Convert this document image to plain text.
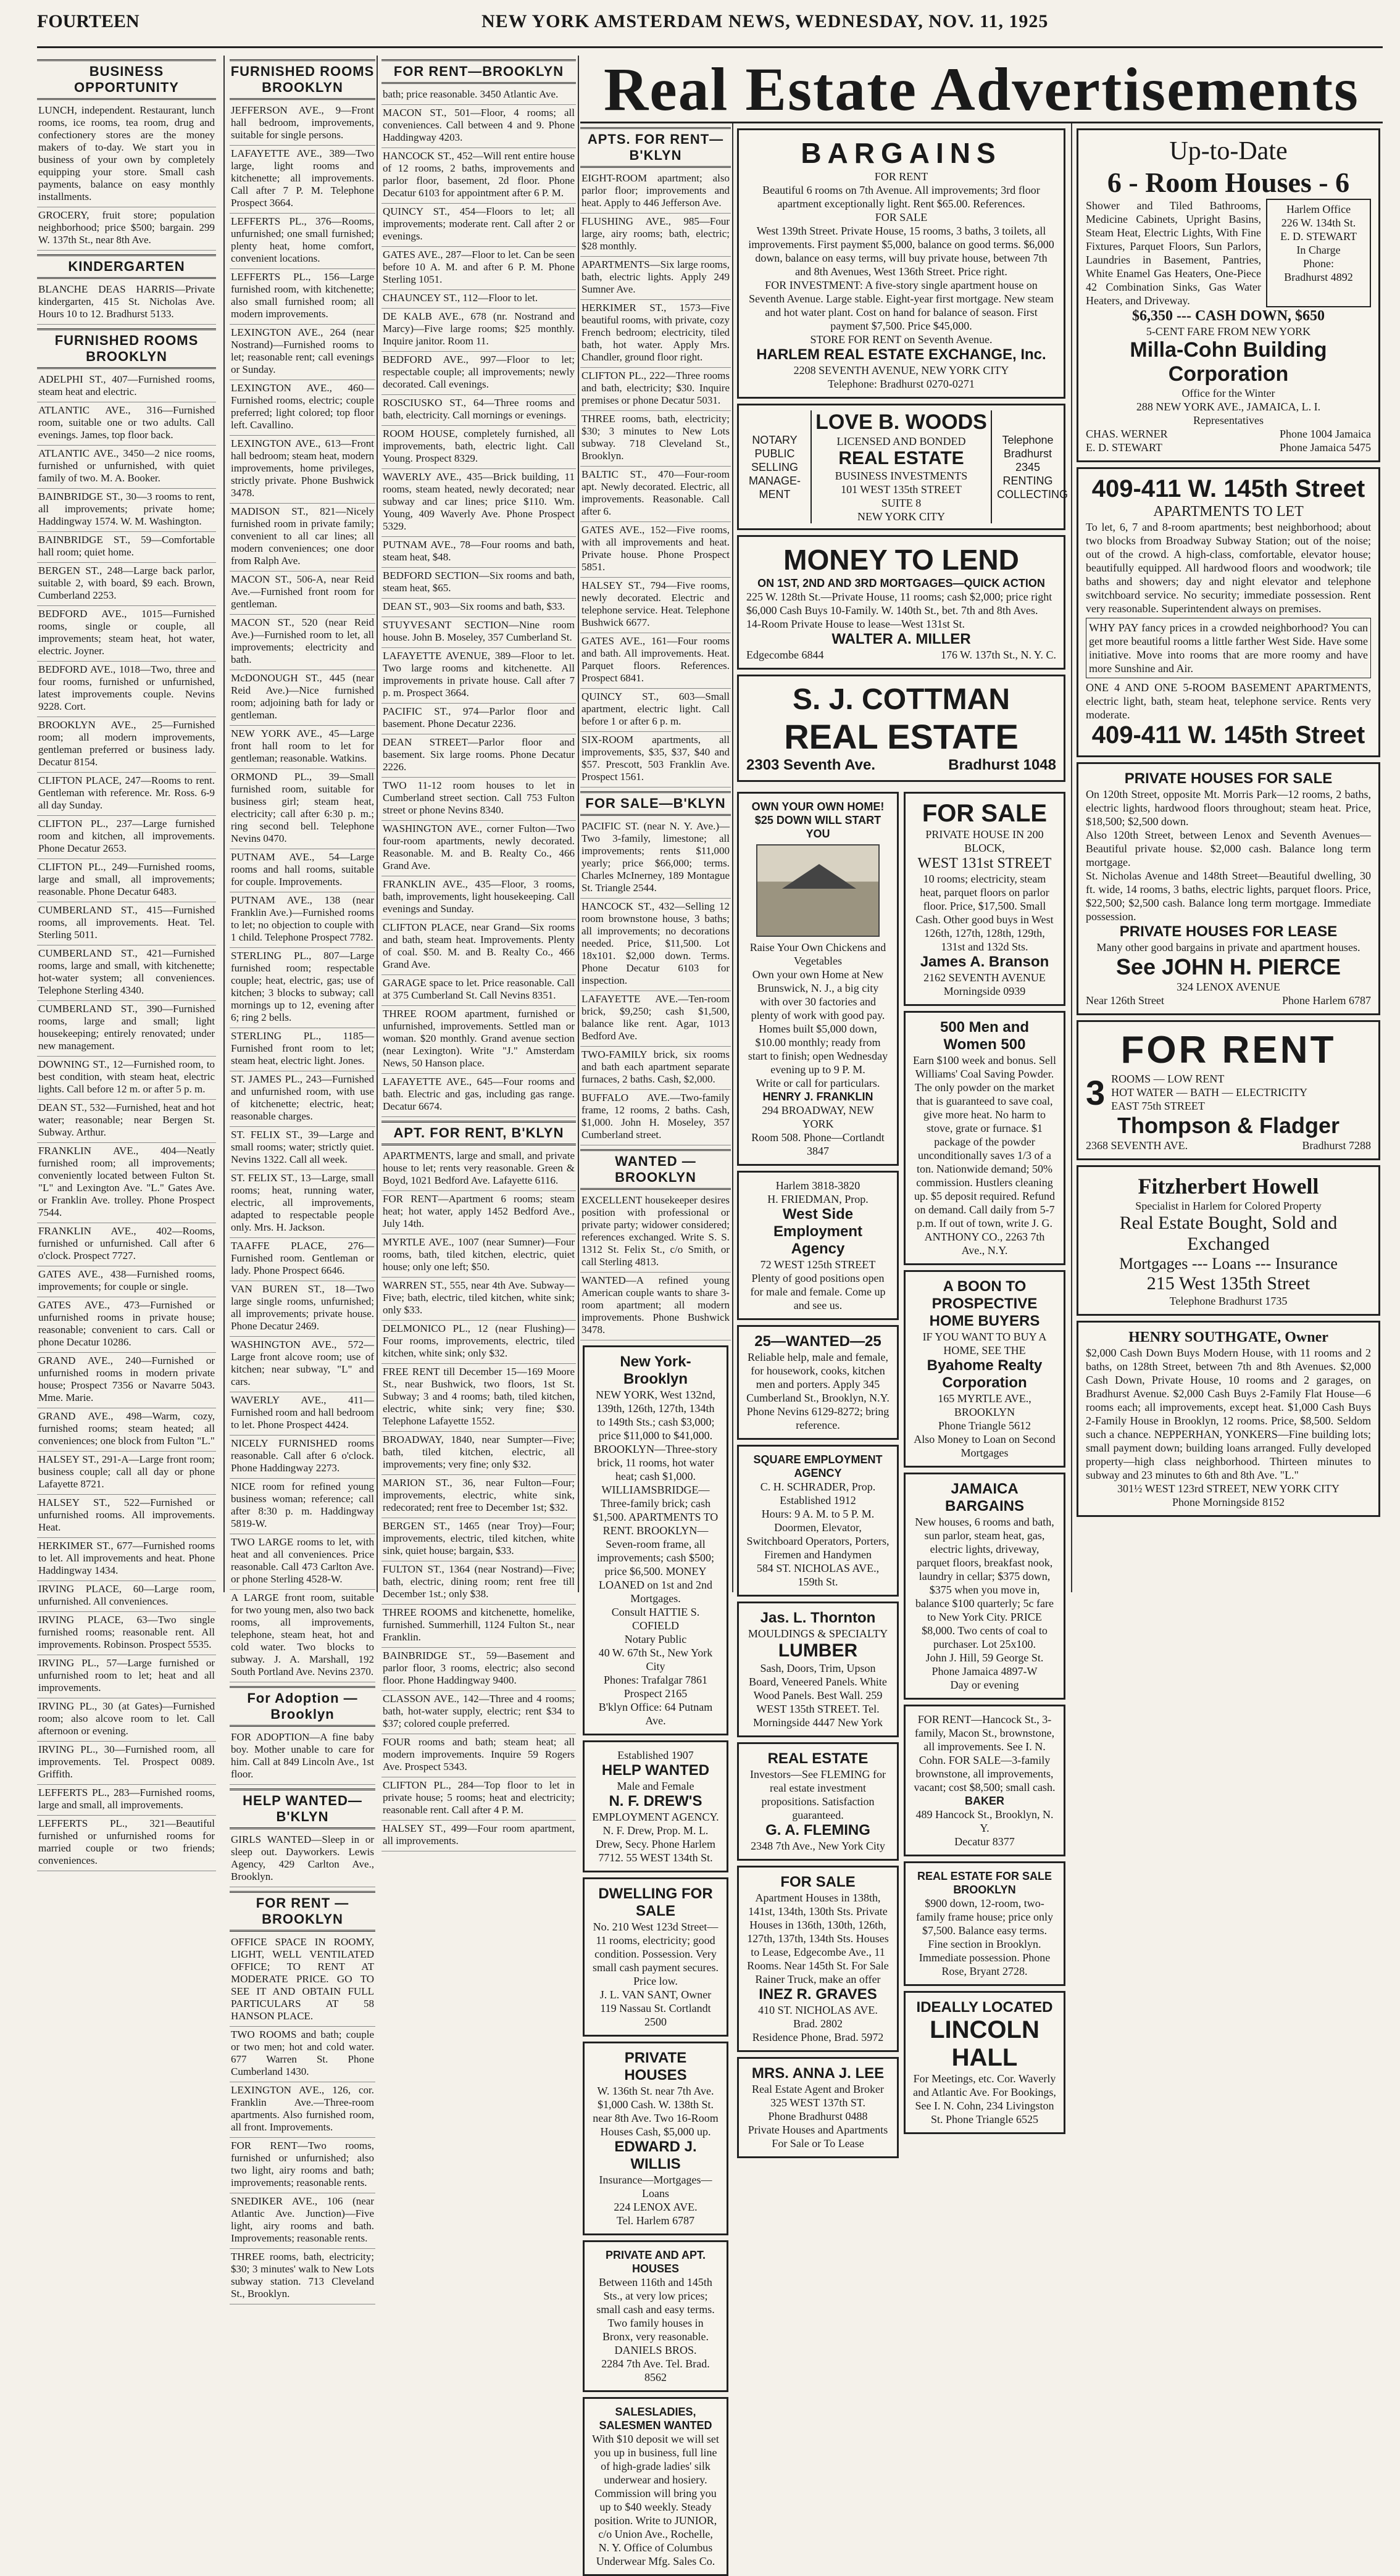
FOURTEEN	NEW YORK AMSTERDAM NEWS, WEDNESDAY, NOV. 11, 1925
Real Estate Advertisements
BUSINESS OPPORTUNITY
LUNCH, independent. Restaurant, lunch rooms, ice rooms, tea room, drug and confectionery stores are the money makers of to-day. We start you in business of your own by completely equipping your store. Small cash payments, balance on easy monthly installments.
GROCERY, fruit store; population neighborhood; price $500; bargain. 299 W. 137th St., near 8th Ave.
KINDERGARTEN
BLANCHE DEAS HARRIS—Private kindergarten, 415 St. Nicholas Ave. Hours 10 to 12. Bradhurst 5133.
FURNISHED ROOMS BROOKLYN
ADELPHI ST., 407—Furnished rooms, steam heat and electric.
ATLANTIC AVE., 316—Furnished room, suitable one or two adults. Call evenings. James, top floor back.
ATLANTIC AVE., 3450—2 nice rooms, furnished or unfurnished, with quiet family of two. M. A. Booker.
BAINBRIDGE ST., 30—3 rooms to rent, all improvements; private home; Haddingway 1574. W. M. Washington.
BAINBRIDGE ST., 59—Comfortable hall room; quiet home.
BERGEN ST., 248—Large back parlor, suitable 2, with board, $9 each. Brown, Cumberland 2253.
BEDFORD AVE., 1015—Furnished rooms, single or couple, all improvements; steam heat, hot water, electric. Joyner.
BEDFORD AVE., 1018—Two, three and four rooms, furnished or unfurnished, latest improvements couple. Nevins 9228. Cort.
BROOKLYN AVE., 25—Furnished room; all modern improvements, gentleman preferred or business lady. Decatur 8154.
CLIFTON PLACE, 247—Rooms to rent. Gentleman with reference. Mr. Ross. 6-9 all day Sunday.
CLIFTON PL., 237—Large furnished room and kitchen, all improvements. Phone Decatur 2653.
CLIFTON PL., 249—Furnished rooms, large and small, all improvements; reasonable. Phone Decatur 6483.
CUMBERLAND ST., 415—Furnished rooms, all improvements. Heat. Tel. Sterling 5011.
CUMBERLAND ST., 421—Furnished rooms, large and small, with kitchenette; hot-water system; all conveniences. Telephone Sterling 4340.
CUMBERLAND ST., 390—Furnished rooms, large and small; light housekeeping; entirely renovated; under new management.
DOWNING ST., 12—Furnished room, to best condition, with steam heat, electric lights. Call before 12 m. or after 5 p. m.
DEAN ST., 532—Furnished, heat and hot water; reasonable; near Bergen St. Subway. Arthur.
FRANKLIN AVE., 404—Neatly furnished room; all improvements; conveniently located between Fulton St. "L" and Lexington Ave. "L." Gates Ave. or Franklin Ave. trolley. Phone Prospect 7544.
FRANKLIN AVE., 402—Rooms, furnished or unfurnished. Call after 6 o'clock. Prospect 7727.
GATES AVE., 438—Furnished rooms, improvements; for couple or single.
GATES AVE., 473—Furnished or unfurnished rooms in private house; reasonable; convenient to cars. Call or phone Decatur 10286.
GRAND AVE., 240—Furnished or unfurnished rooms in modern private house; Prospect 7356 or Navarre 5043. Mme. Marie.
GRAND AVE., 498—Warm, cozy, furnished rooms; steam heated; all conveniences; one block from Fulton "L."
HALSEY ST., 291-A—Large front room; business couple; call all day or phone Lafayette 8721.
HALSEY ST., 522—Furnished or unfurnished rooms. All improvements. Heat.
HERKIMER ST., 677—Furnished rooms to let. All improvements and heat. Phone Haddingway 1434.
IRVING PLACE, 60—Large room, unfurnished. All conveniences.
IRVING PLACE, 63—Two single furnished rooms; reasonable rent. All improvements. Robinson. Prospect 5535.
IRVING PL., 57—Large furnished or unfurnished room to let; heat and all improvements.
IRVING PL., 30 (at Gates)—Furnished room; also alcove room to let. Call afternoon or evening.
IRVING PL., 30—Furnished room, all improvements. Tel. Prospect 0089. Griffith.
LEFFERTS PL., 283—Furnished rooms, large and small, all improvements.
LEFFERTS PL., 321—Beautiful furnished or unfurnished rooms for married couple or two friends; conveniences.
FURNISHED ROOMS BROOKLYN
JEFFERSON AVE., 9—Front hall bedroom, improvements, suitable for single persons.
LAFAYETTE AVE., 389—Two large, light rooms and kitchenette; all improvements. Call after 7 P. M. Telephone Prospect 3664.
LEFFERTS PL., 376—Rooms, unfurnished; one small furnished; plenty heat, home comfort, convenient locations.
LEFFERTS PL., 156—Large furnished room, with kitchenette; also small furnished room; all modern improvements.
LEXINGTON AVE., 264 (near Nostrand)—Furnished rooms to let; reasonable rent; call evenings or Sunday.
LEXINGTON AVE., 460—Furnished rooms, electric; couple preferred; light colored; top floor left. Cavallino.
LEXINGTON AVE., 613—Front hall bedroom; steam heat, modern improvements, home privileges, strictly private. Phone Bushwick 3478.
MADISON ST., 821—Nicely furnished room in private family; convenient to all car lines; all modern conveniences; one door from Ralph Ave.
MACON ST., 506-A, near Reid Ave.—Furnished front room for gentleman.
MACON ST., 520 (near Reid Ave.)—Furnished room to let, all improvements; electricity and bath.
McDONOUGH ST., 445 (near Reid Ave.)—Nice furnished room; adjoining bath for lady or gentleman.
NEW YORK AVE., 45—Large front hall room to let for gentleman; reasonable. Watkins.
ORMOND PL., 39—Small furnished room, suitable for business girl; steam heat, electricity; call after 6:30 p. m.; ring second bell. Telephone Nevins 0470.
PUTNAM AVE., 54—Large rooms and hall rooms, suitable for couple. Improvements.
PUTNAM AVE., 138 (near Franklin Ave.)—Furnished rooms to let; no objection to couple with 1 child. Telephone Prospect 7782.
STERLING PL., 807—Large furnished room; respectable couple; heat, electric, gas; use of kitchen; 3 blocks to subway; call mornings up to 12, evening after 6; ring 2 bells.
STERLING PL., 1185—Furnished front room to let; steam heat, electric light. Jones.
ST. JAMES PL., 243—Furnished and unfurnished room, with use of kitchenette; electric, heat; reasonable charges.
ST. FELIX ST., 39—Large and small rooms; water; strictly quiet. Nevins 1322. Call all week.
ST. FELIX ST., 13—Large, small rooms; heat, running water, electric, all improvements, adapted to respectable people only. Mrs. H. Jackson.
TAAFFE PLACE, 276—Furnished room. Gentleman or lady. Phone Prospect 6646.
VAN BUREN ST., 18—Two large single rooms, unfurnished; all improvements; private house. Phone Decatur 2469.
WASHINGTON AVE., 572—Large front alcove room; use of kitchen; near subway, "L" and cars.
WAVERLY AVE., 411—Furnished room and hall bedroom to let. Phone Prospect 4424.
NICELY FURNISHED rooms reasonable. Call after 6 o'clock. Phone Haddingway 2273.
NICE room for refined young business woman; reference; call after 8:30 p. m. Haddingway 5819-W.
TWO LARGE rooms to let, with heat and all conveniences. Price reasonable. Call 473 Carlton Ave. or phone Sterling 4528-W.
A LARGE front room, suitable for two young men, also two back rooms, all improvements, telephone, steam heat, hot and cold water. Two blocks to subway. J. A. Marshall, 192 South Portland Ave. Nevins 2370.
For Adoption — Brooklyn
FOR ADOPTION—A fine baby boy. Mother unable to care for him. Call at 849 Lincoln Ave., 1st floor.
HELP WANTED—B'KLYN
GIRLS WANTED—Sleep in or sleep out. Dayworkers. Lewis Agency, 429 Carlton Ave., Brooklyn.
FOR RENT — BROOKLYN
OFFICE SPACE IN ROOMY, LIGHT, WELL VENTILATED OFFICE; TO RENT AT MODERATE PRICE. GO TO SEE IT AND OBTAIN FULL PARTICULARS AT 58 HANSON PLACE.
TWO ROOMS and bath; couple or two men; hot and cold water. 677 Warren St. Phone Cumberland 1430.
LEXINGTON AVE., 126, cor. Franklin Ave.—Three-room apartments. Also furnished room, all front. Improvements.
FOR RENT—Two rooms, furnished or unfurnished; also two light, airy rooms and bath; improvements; reasonable rents.
SNEDIKER AVE., 106 (near Atlantic Ave. Junction)—Five light, airy rooms and bath. Improvements; reasonable rents.
THREE rooms, bath, electricity; $30; 3 minutes' walk to New Lots subway station. 713 Cleveland St., Brooklyn.
FOR RENT—BROOKLYN
bath; price reasonable. 3450 Atlantic Ave.
MACON ST., 501—Floor, 4 rooms; all conveniences. Call between 4 and 9. Phone Haddingway 4203.
HANCOCK ST., 452—Will rent entire house of 12 rooms, 2 baths, improvements and parlor floor, basement, 2d floor. Phone Decatur 6103 for appointment after 6 P. M.
QUINCY ST., 454—Floors to let; all improvements; moderate rent. Call after 2 or evenings.
GATES AVE., 287—Floor to let. Can be seen before 10 A. M. and after 6 P. M. Phone Sterling 1051.
CHAUNCEY ST., 112—Floor to let.
DE KALB AVE., 678 (nr. Nostrand and Marcy)—Five large rooms; $25 monthly. Inquire janitor. Room 11.
BEDFORD AVE., 997—Floor to let; respectable couple; all improvements; newly decorated. Call evenings.
ROSCIUSKO ST., 64—Three rooms and bath, electricity. Call mornings or evenings.
ROOM HOUSE, completely furnished, all improvements, bath, electric light. Call Young. Prospect 8329.
WAVERLY AVE., 435—Brick building, 11 rooms, steam heated, newly decorated; near subway and car lines; price $110. Wm. Young, 409 Waverly Ave. Phone Prospect 5329.
PUTNAM AVE., 78—Four rooms and bath, steam heat, $48.
BEDFORD SECTION—Six rooms and bath, steam heat, $65.
DEAN ST., 903—Six rooms and bath, $33.
STUYVESANT SECTION—Nine room house. John B. Moseley, 357 Cumberland St.
LAFAYETTE AVENUE, 389—Floor to let. Two large rooms and kitchenette. All improvements in private house. Call after 7 p. m. Prospect 3664.
PACIFIC ST., 974—Parlor floor and basement. Phone Decatur 2236.
DEAN STREET—Parlor floor and basement. Six large rooms. Phone Decatur 2226.
TWO 11-12 room houses to let in Cumberland street section. Call 753 Fulton street or phone Nevins 8340.
WASHINGTON AVE., corner Fulton—Two four-room apartments, newly decorated. Reasonable. M. and B. Realty Co., 466 Grand Ave.
FRANKLIN AVE., 435—Floor, 3 rooms, bath, improvements, light housekeeping. Call evenings and Sunday.
CLIFTON PLACE, near Grand—Six rooms and bath, steam heat. Improvements. Plenty of coal. $50. M. and B. Realty Co., 466 Grand Ave.
GARAGE space to let. Price reasonable. Call at 375 Cumberland St. Call Nevins 8351.
THREE ROOM apartment, furnished or unfurnished, improvements. Settled man or woman. $20 monthly. Grand avenue section (near Lexington). Write "J." Amsterdam News, 50 Hanson place.
LAFAYETTE AVE., 645—Four rooms and bath. Electric and gas, including gas range. Decatur 6674.
APT. FOR RENT, B'KLYN
APARTMENTS, large and small, and private house to let; rents very reasonable. Green & Boyd, 1021 Bedford Ave. Lafayette 6116.
FOR RENT—Apartment 6 rooms; steam heat; hot water, apply 1452 Bedford Ave., July 14th.
MYRTLE AVE., 1007 (near Sumner)—Four rooms, bath, tiled kitchen, electric, quiet house; only one left; $50.
WARREN ST., 555, near 4th Ave. Subway—Five; bath, electric, tiled kitchen, white sink; only $33.
DELMONICO PL., 12 (near Flushing)—Four rooms, improvements, electric, tiled kitchen, white sink; only $32.
FREE RENT till December 15—169 Moore St., near Bushwick, two floors, 1st St. Subway; 3 and 4 rooms; bath, tiled kitchen, electric, white sink; very fine; $30. Telephone Lafayette 1552.
BROADWAY, 1840, near Sumpter—Five; bath, tiled kitchen, electric, all improvements; very fine; only $32.
MARION ST., 36, near Fulton—Four; improvements, electric, white sink, redecorated; rent free to December 1st; $32.
BERGEN ST., 1465 (near Troy)—Four; improvements, electric, tiled kitchen, white sink, quiet house; bargain, $33.
FULTON ST., 1364 (near Nostrand)—Five; bath, electric, dining room; rent free till December 1st.; only $38.
THREE ROOMS and kitchenette, homelike, furnished. Summerhill, 1124 Fulton St., near Franklin.
BAINBRIDGE ST., 59—Basement and parlor floor, 3 rooms, electric; also second floor. Phone Haddingway 9400.
CLASSON AVE., 142—Three and 4 rooms; bath, hot-water supply, electric; rent $34 to $37; colored couple preferred.
FOUR rooms and bath; steam heat; all modern improvements. Inquire 59 Rogers Ave. Prospect 5343.
CLIFTON PL., 284—Top floor to let in private house; 5 rooms; heat and electricity; reasonable rent. Call after 4 P. M.
HALSEY ST., 499—Four room apartment, all improvements.
APTS. FOR RENT—B'KLYN
EIGHT-ROOM apartment; also parlor floor; improvements and heat. Apply to 446 Jefferson Ave.
FLUSHING AVE., 985—Four large, airy rooms; bath, electric; $28 monthly.
APARTMENTS—Six large rooms, bath, electric lights. Apply 249 Sumner Ave.
HERKIMER ST., 1573—Five beautiful rooms, with private, cozy French bedroom; electricity, tiled bath, hot water. Apply Mrs. Chandler, ground floor right.
CLIFTON PL., 222—Three rooms and bath, electricity; $30. Inquire premises or phone Decatur 5031.
THREE rooms, bath, electricity; $30; 3 minutes to New Lots subway. 718 Cleveland St., Brooklyn.
BALTIC ST., 470—Four-room apt. Newly decorated. Electric, all improvements. Reasonable. Call after 6.
GATES AVE., 152—Five rooms, with all improvements and heat. Private house. Phone Prospect 5851.
HALSEY ST., 794—Five rooms, newly decorated. Electric and telephone service. Heat. Telephone Bushwick 6677.
GATES AVE., 161—Four rooms and bath. All improvements. Heat. Parquet floors. References. Prospect 6841.
QUINCY ST., 603—Small apartment, electric light. Call before 1 or after 6 p. m.
SIX-ROOM apartments, all improvements, $35, $37, $40 and $57. Prescott, 503 Franklin Ave. Prospect 1561.
FOR SALE—B'KLYN
PACIFIC ST. (near N. Y. Ave.)—Two 3-family, limestone; all improvements; rents $11,000 yearly; price $66,000; terms. Charles McInerney, 189 Montague St. Triangle 2544.
HANCOCK ST., 432—Selling 12 room brownstone house, 3 baths; all improvements; no decorations needed. Price, $11,500. Lot 18x101. $2,000 down. Terms. Phone Decatur 6103 for inspection.
LAFAYETTE AVE.—Ten-room brick, $9,250; cash $1,500, balance like rent. Agar, 1013 Bedford Ave.
TWO-FAMILY brick, six rooms and bath each apartment separate furnaces, 2 baths. Cash, $2,000.
BUFFALO AVE.—Two-family frame, 12 rooms, 2 baths. Cash, $1,000. John H. Moseley, 357 Cumberland street.
WANTED — BROOKLYN
EXCELLENT housekeeper desires position with professional or private party; widower considered; references exchanged. Write S. S. 1312 St. Felix St., c/o Smith, or call Sterling 4813.
WANTED—A refined young American couple wants to share 3-room apartment; all modern improvements. Phone Bushwick 3478.
New York-Brooklyn
NEW YORK, West 132nd, 139th, 126th, 127th, 134th to 149th Sts.; cash $3,000; price $11,000 to $41,000. BROOKLYN—Three-story brick, 11 rooms, hot water heat; cash $1,000. WILLIAMSBRIDGE—Three-family brick; cash $1,500. APARTMENTS TO RENT. BROOKLYN—Seven-room frame, all improvements; cash $500; price $6,500. MONEY LOANED on 1st and 2nd Mortgages.
Consult HATTIE S. COFIELD
Notary Public
40 W. 67th St., New York City
Phones: Trafalgar 7861
Prospect 2165
B'klyn Office: 64 Putnam Ave.
Established 1907
HELP WANTED
Male and Female
N. F. DREW'S
EMPLOYMENT AGENCY. N. F. Drew, Prop. M. L. Drew, Secy. Phone Harlem 7712. 55 WEST 134th St.
DWELLING FOR SALE
No. 210 West 123d Street—11 rooms, electricity; good condition. Possession. Very small cash payment secures. Price low.
J. L. VAN SANT, Owner
119 Nassau St. Cortlandt 2500
PRIVATE HOUSES
W. 136th St. near 7th Ave. $1,000 Cash. W. 138th St. near 8th Ave. Two 16-Room Houses Cash, $5,000 up.
EDWARD J. WILLIS
Insurance—Mortgages—Loans
224 LENOX AVE.
Tel. Harlem 6787
PRIVATE AND APT. HOUSES
Between 116th and 145th Sts., at very low prices; small cash and easy terms. Two family houses in Bronx, very reasonable.
DANIELS BROS.
2284 7th Ave. Tel. Brad. 8562
SALESLADIES, SALESMEN WANTED
With $10 deposit we will set you up in business, full line of high-grade ladies' silk underwear and hosiery. Commission will bring you up to $40 weekly. Steady position. Write to JUNIOR, c/o Union Ave., Rochelle, N. Y. Office of Columbus Underwear Mfg. Sales Co.
BARGAINS
FOR RENT
Beautiful 6 rooms on 7th Avenue. All improvements; 3rd floor apartment exceptionally light. Rent $65.00. References.
FOR SALE
West 139th Street. Private House, 15 rooms, 3 baths, 3 toilets, all improvements. First payment $5,000, balance on good terms. $6,000 down, balance on easy terms, will buy private house, between 7th and 8th Avenues, West 136th Street. Price right.
FOR INVESTMENT: A five-story single apartment house on Seventh Avenue. Large stable. Eight-year first mortgage. New steam and hot water plant. Cost on hand for balance of season. First payment $7,500. Price $45,000.
STORE FOR RENT on Seventh Avenue.
HARLEM REAL ESTATE EXCHANGE, Inc.
2208 SEVENTH AVENUE, NEW YORK CITY
Telephone: Bradhurst 0270-0271
NOTARY
PUBLIC
SELLING
MANAGE-
MENT
LOVE B. WOODS
LICENSED AND BONDED
REAL ESTATE
BUSINESS INVESTMENTS
101 WEST 135th STREET
SUITE 8
NEW YORK CITY
Telephone
Bradhurst
2345
RENTING
COLLECTING
MONEY TO LEND
ON 1ST, 2ND AND 3RD MORTGAGES—QUICK ACTION
225 W. 128th St.—Private House, 11 rooms; cash $2,000; price right
$6,000 Cash Buys 10-Family. W. 140th St., bet. 7th and 8th Aves.
14-Room Private House to lease—West 131st St.
WALTER A. MILLER
Edgecombe 6844	176 W. 137th St., N. Y. C.
S. J. COTTMAN
REAL ESTATE
2303 Seventh Ave.	Bradhurst 1048
OWN YOUR OWN HOME!
$25 DOWN WILL START YOU
Raise Your Own Chickens and Vegetables
Own your own Home at New Brunswick, N. J., a big city with over 30 factories and plenty of work with good pay. Homes built $5,000 down, $10.00 monthly; ready from start to finish; open Wednesday evening up to 9 P. M.
Write or call for particulars.
HENRY J. FRANKLIN
294 BROADWAY, NEW YORK
Room 508. Phone—Cortlandt 3847
Harlem 3818-3820
H. FRIEDMAN, Prop.
West Side Employment Agency
72 WEST 125th STREET
Plenty of good positions open for male and female. Come up and see us.
25—WANTED—25
Reliable help, male and female, for housework, cooks, kitchen men and porters. Apply 345 Cumberland St., Brooklyn, N.Y. Phone Nevins 6129-8272; bring reference.
SQUARE EMPLOYMENT AGENCY
C. H. SCHRADER, Prop.
Established 1912
Hours: 9 A. M. to 5 P. M.
Doormen, Elevator, Switchboard Operators, Porters, Firemen and Handymen
584 ST. NICHOLAS AVE., 159th St.
Jas. L. Thornton
MOULDINGS & SPECIALTY
LUMBER
Sash, Doors, Trim, Upson Board, Veneered Panels. White Wood Panels. Best Wall. 259 WEST 135th STREET. Tel. Morningside 4447 New York
REAL ESTATE
Investors—See FLEMING for real estate investment propositions. Satisfaction guaranteed.
G. A. FLEMING
2348 7th Ave., New York City
FOR SALE
Apartment Houses in 138th, 141st, 134th, 130th Sts. Private Houses in 136th, 130th, 126th, 127th, 137th, 134th Sts. Houses to Lease, Edgecombe Ave., 11 Rooms. Near 145th St. For Sale
Rainer Truck, make an offer
INEZ R. GRAVES
410 ST. NICHOLAS AVE.
Brad. 2802
Residence Phone, Brad. 5972
MRS. ANNA J. LEE
Real Estate Agent and Broker
325 WEST 137th ST.
Phone Bradhurst 0488
Private Houses and Apartments For Sale or To Lease
FOR SALE
PRIVATE HOUSE IN 200 BLOCK,
WEST 131st STREET
10 rooms; electricity, steam heat, parquet floors on parlor floor. Price, $17,500. Small Cash. Other good buys in West 126th, 127th, 128th, 129th, 131st and 132d Sts.
James A. Branson
2162 SEVENTH AVENUE
Morningside 0939
500 Men and Women 500
Earn $100 week and bonus. Sell Williams' Coal Saving Powder. The only powder on the market that is guaranteed to save coal, give more heat. No harm to stove, grate or furnace. $1 package of the powder unconditionally saves 1/3 of a ton. Nationwide demand; 50% commission. Hustlers cleaning up. $5 deposit required. Refund on demand. Call daily from 5-7 p.m. If out of town, write J. G. ANTHONY CO., 2263 7th Ave., N.Y.
A BOON TO PROSPECTIVE HOME BUYERS
IF YOU WANT TO BUY A HOME, SEE THE
Byahome Realty Corporation
165 MYRTLE AVE., BROOKLYN
Phone Triangle 5612
Also Money to Loan on Second Mortgages
JAMAICA BARGAINS
New houses, 6 rooms and bath, sun parlor, steam heat, gas, electric lights, driveway, parquet floors, breakfast nook, laundry in cellar; $375 down, $375 when you move in, balance $100 quarterly; 5c fare to New York City. PRICE $8,000. Two cents of coal to purchaser. Lot 25x100.
John J. Hill, 59 George St.
Phone Jamaica 4897-W
Day or evening
FOR RENT—Hancock St., 3-family, Macon St., brownstone, all improvements. See I. N. Cohn. FOR SALE—3-family brownstone, all improvements, vacant; cost $8,500; small cash.
BAKER
489 Hancock St., Brooklyn, N. Y.
Decatur 8377
REAL ESTATE FOR SALE BROOKLYN
$900 down, 12-room, two-family frame house; price only $7,500. Balance easy terms. Fine section in Brooklyn. Immediate possession. Phone Rose, Bryant 2728.
IDEALLY LOCATED
LINCOLN HALL
For Meetings, etc. Cor. Waverly and Atlantic Ave. For Bookings, See I. N. Cohn, 234 Livingston St. Phone Triangle 6525
Up-to-Date
6 - Room Houses - 6
Shower and Tiled Bathrooms, Medicine Cabinets, Upright Basins, Steam Heat, Electric Lights, With Fine Fixtures, Parquet Floors, Sun Parlors, Laundries in Basement, Pantries, White Enamel Gas Heaters, One-Piece 42 Combination Sinks, Gas Water Heaters, and Driveway.
Harlem Office
226 W. 134th St.
E. D. STEWART
In Charge
Phone:
Bradhurst 4892
$6,350 --- CASH DOWN, $650
5-CENT FARE FROM NEW YORK
Milla-Cohn Building Corporation
Office for the Winter
288 NEW YORK AVE., JAMAICA, L. I.
Representatives
CHAS. WERNER	Phone 1004 Jamaica
E. D. STEWART	Phone Jamaica 5475
409-411 W. 145th Street
APARTMENTS TO LET
To let, 6, 7 and 8-room apartments; best neighborhood; about two blocks from Broadway Subway Station; out of the noise; out of the crowd. A high-class, comfortable, elevator house; beautifully equipped. All hardwood floors and woodwork; tile baths and showers; day and night elevator and telephone switchboard service. No security; immediate possession. Rent very reasonable. Superintendent always on premises.
WHY PAY fancy prices in a crowded neighborhood? You can get more beautiful rooms a little farther West Side. Have some initiative. Move into rooms that are more roomy and have more Sunshine and Air.
ONE 4 AND ONE 5-ROOM BASEMENT APARTMENTS, electric light, bath, steam heat, telephone service. Rents very moderate.
409-411 W. 145th Street
PRIVATE HOUSES FOR SALE
On 120th Street, opposite Mt. Morris Park—12 rooms, 2 baths, electric lights, hardwood floors throughout; steam heat. Price, $18,500; $2,500 down.
Also 120th Street, between Lenox and Seventh Avenues—Beautiful private house. $2,000 cash. Balance long term mortgage.
St. Nicholas Avenue and 148th Street—Beautiful dwelling, 30 ft. wide, 14 rooms, 3 baths, electric lights, parquet floors. Price, $22,500; $2,500 cash. Balance long term mortgage. Immediate possession.
PRIVATE HOUSES FOR LEASE
Many other good bargains in private and apartment houses.
See JOHN H. PIERCE
324 LENOX AVENUE
Near 126th Street	Phone Harlem 6787
FOR RENT
3 ROOMS — LOW RENT
HOT WATER — BATH — ELECTRICITY
EAST 75th STREET
Thompson & Fladger
2368 SEVENTH AVE.	Bradhurst 7288
Fitzherbert Howell
Specialist in Harlem for Colored Property
Real Estate Bought, Sold and
Exchanged
Mortgages --- Loans --- Insurance
215 West 135th Street
Telephone Bradhurst 1735
HENRY SOUTHGATE, Owner
$2,000 Cash Down Buys Modern House, with 11 rooms and 2 baths, on 128th Street, between 7th and 8th Avenues. $2,000 Cash Down, Private House, 10 rooms and 2 garages, on Bradhurst Avenue. $2,000 Cash Buys 2-Family Flat House—6 rooms each; all improvements, except heat. $1,000 Cash Buys 2-Family House in Brooklyn, 12 rooms. Price, $8,500. Seldom such a chance. NEPPERHAN, YONKERS—Fine building lots; small payment down; building loans arranged. Fully developed property—high class neighborhood. Thirteen minutes to subway and 23 minutes to 6th and 8th Ave. "L."
301½ WEST 123rd STREET, NEW YORK CITY
Phone Morningside 8152
